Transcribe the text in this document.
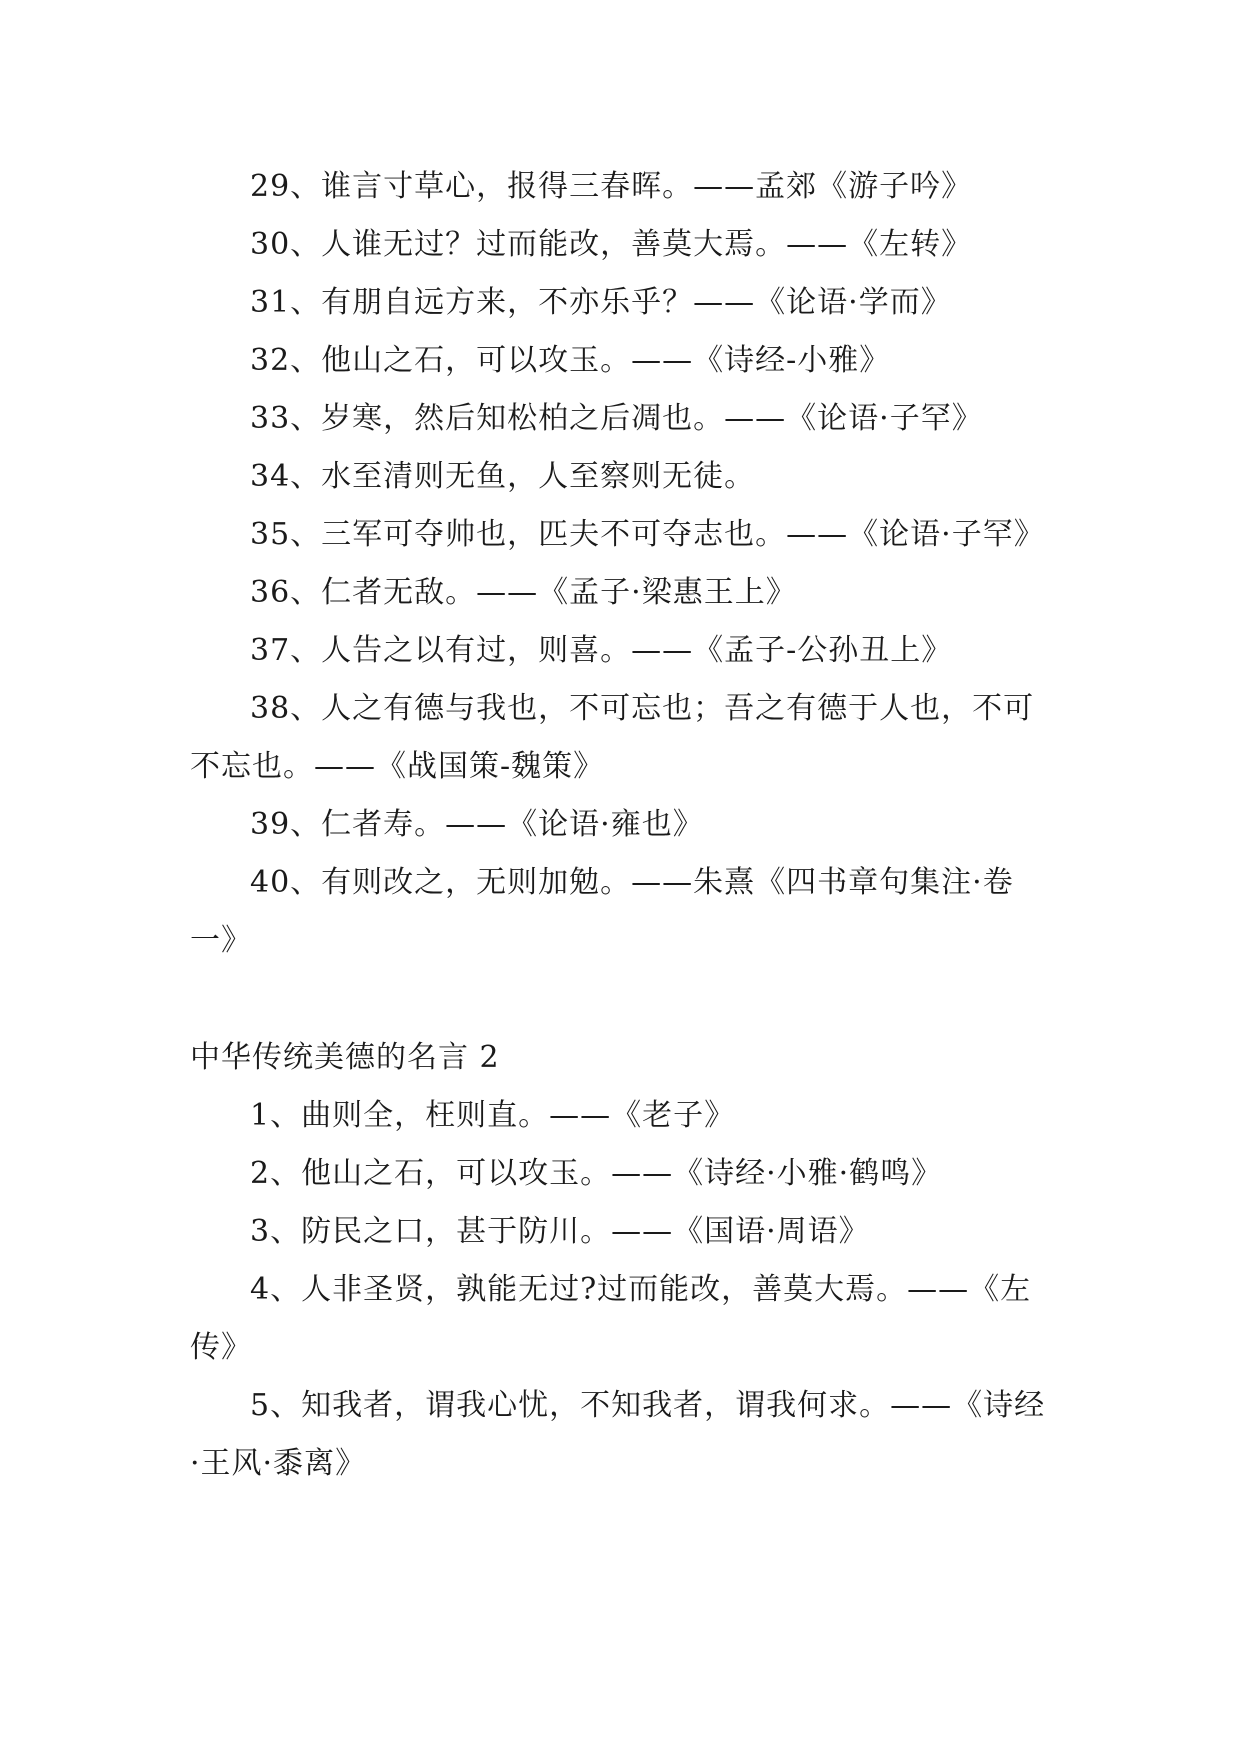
29、谁言寸草心，报得三春晖。——孟郊《游子吟》

30、人谁无过？过而能改，善莫大焉。——《左转》

31、有朋自远方来，不亦乐乎？——《论语·学而》

32、他山之石，可以攻玉。——《诗经-小雅》

33、岁寒，然后知松柏之后凋也。——《论语·子罕》

34、水至清则无鱼，人至察则无徒。

35、三军可夺帅也，匹夫不可夺志也。——《论语·子罕》

36、仁者无敌。——《孟子·梁惠王上》

37、人告之以有过，则喜。——《孟子-公孙丑上》

38、人之有德与我也，不可忘也；吾之有德于人也，不可不忘也。——《战国策-魏策》

39、仁者寿。——《论语·雍也》

40、有则改之，无则加勉。——朱熹《四书章句集注·卷一》

中华传统美德的名言 2

1、曲则全，枉则直。——《老子》

2、他山之石，可以攻玉。——《诗经·小雅·鹤鸣》

3、防民之口，甚于防川。——《国语·周语》

4、人非圣贤，孰能无过?过而能改，善莫大焉。——《左传》

5、知我者，谓我心忧，不知我者，谓我何求。——《诗经·王风·黍离》
